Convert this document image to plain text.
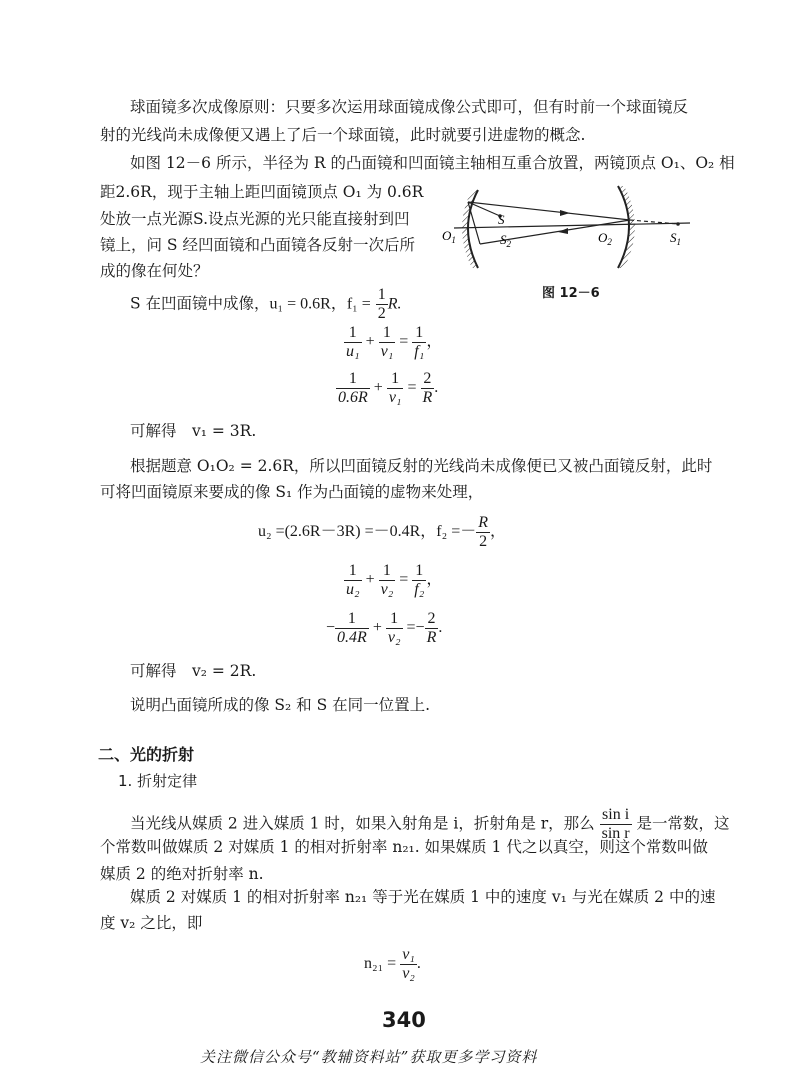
球面镜多次成像原则：只要多次运用球面镜成像公式即可，但有时前一个球面镜反
射的光线尚未成像便又遇上了后一个球面镜，此时就要引进虚物的概念.
如图 12－6 所示，半径为 R 的凸面镜和凹面镜主轴相互重合放置，两镜顶点 O₁、O₂ 相
距2.6R，现于主轴上距凹面镜顶点 O₁ 为 0.6R
处放一点光源S.设点光源的光只能直接射到凹
镜上，问 S 经凹面镜和凸面镜各反射一次后所
成的像在何处？
$O_1$
S
$S_2$	$O_2$	$S_1$
图 12－6
S 在凹面镜中成像，u₁ = 0.6R，$f_1 = \frac{1}{2} R$.
$\frac{1}{\text{u₁}} + \frac{1}{\text{v₁}} = \frac{1}{\text{f₁}}$ ，
$\frac{1}{0.6R} + \frac{1}{\text{v₁}} = \frac{2}{R}$ .
可解得　v₁ = 3R.
根据题意 O₁O₂ = 2.6R，所以凹面镜反射的光线尚未成像便已又被凸面镜反射，此时
可将凹面镜原来要成的像 S₁ 作为凸面镜的虚物来处理，
u₂ =(2.6R－3R) =－0.4R，$f_2 =- \frac{R}{2}$ ，
$\frac{1}{\text{u₂}} + \frac{1}{\text{v₂}} = \frac{1}{\text{f₂}}$ ，
− $\frac{1}{0.4R} + \frac{1}{\text{v₂}} =- \frac{2}{R}$ .
可解得　v₂ = 2R.
说明凸面镜所成的像 S₂ 和 S 在同一位置上.
二、光的折射
1. 折射定律
当光线从媒质 2 进入媒质 1 时，如果入射角是 i，折射角是 r，那么 $\frac{\text{sin i}}{\text{sin r}}$ 是一常数，这
个常数叫做媒质 2 对媒质 1 的相对折射率 n₂₁. 如果媒质 1 代之以真空，则这个常数叫做
媒质 2 的绝对折射率 n.
媒质 2 对媒质 1 的相对折射率 n₂₁ 等于光在媒质 1 中的速度 v₁ 与光在媒质 2 中的速
度 v₂ 之比，即
$n_{21} = \frac{\text{v₁}}{\text{v₂}}$ .
340
关注微信公众号“教辅资料站”获取更多学习资料
